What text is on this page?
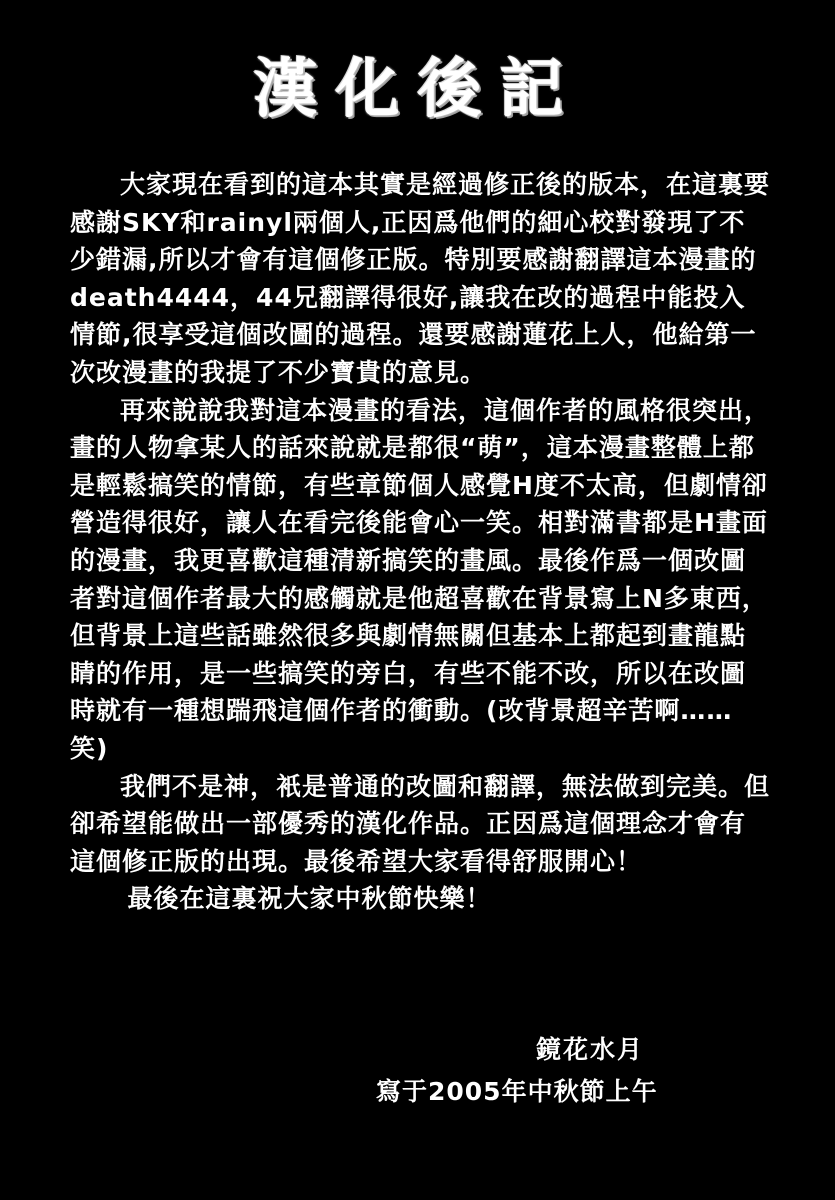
漢化後記

大家現在看到的這本其實是經過修正後的版本，在這裏要感謝SKY和rainyl兩個人,正因爲他們的細心校對發現了不少錯漏,所以才會有這個修正版。特別要感謝翻譯這本漫畫的death4444，44兄翻譯得很好,讓我在改的過程中能投入情節,很享受這個改圖的過程。還要感謝蓮花上人，他給第一次改漫畫的我提了不少寶貴的意見。

再來說說我對這本漫畫的看法，這個作者的風格很突出，畫的人物拿某人的話來說就是都很“萌”，這本漫畫整體上都是輕鬆搞笑的情節，有些章節個人感覺H度不太高，但劇情卻營造得很好，讓人在看完後能會心一笑。相對滿書都是H畫面的漫畫，我更喜歡這種清新搞笑的畫風。最後作爲一個改圖者對這個作者最大的感觸就是他超喜歡在背景寫上N多東西，但背景上這些話雖然很多與劇情無關但基本上都起到畫龍點睛的作用，是一些搞笑的旁白，有些不能不改，所以在改圖時就有一種想踹飛這個作者的衝動。(改背景超辛苦啊……笑)

我們不是神，衹是普通的改圖和翻譯，無法做到完美。但卻希望能做出一部優秀的漢化作品。正因爲這個理念才會有這個修正版的出現。最後希望大家看得舒服開心！

最後在這裏祝大家中秋節快樂！

鏡花水月
寫于2005年中秋節上午
